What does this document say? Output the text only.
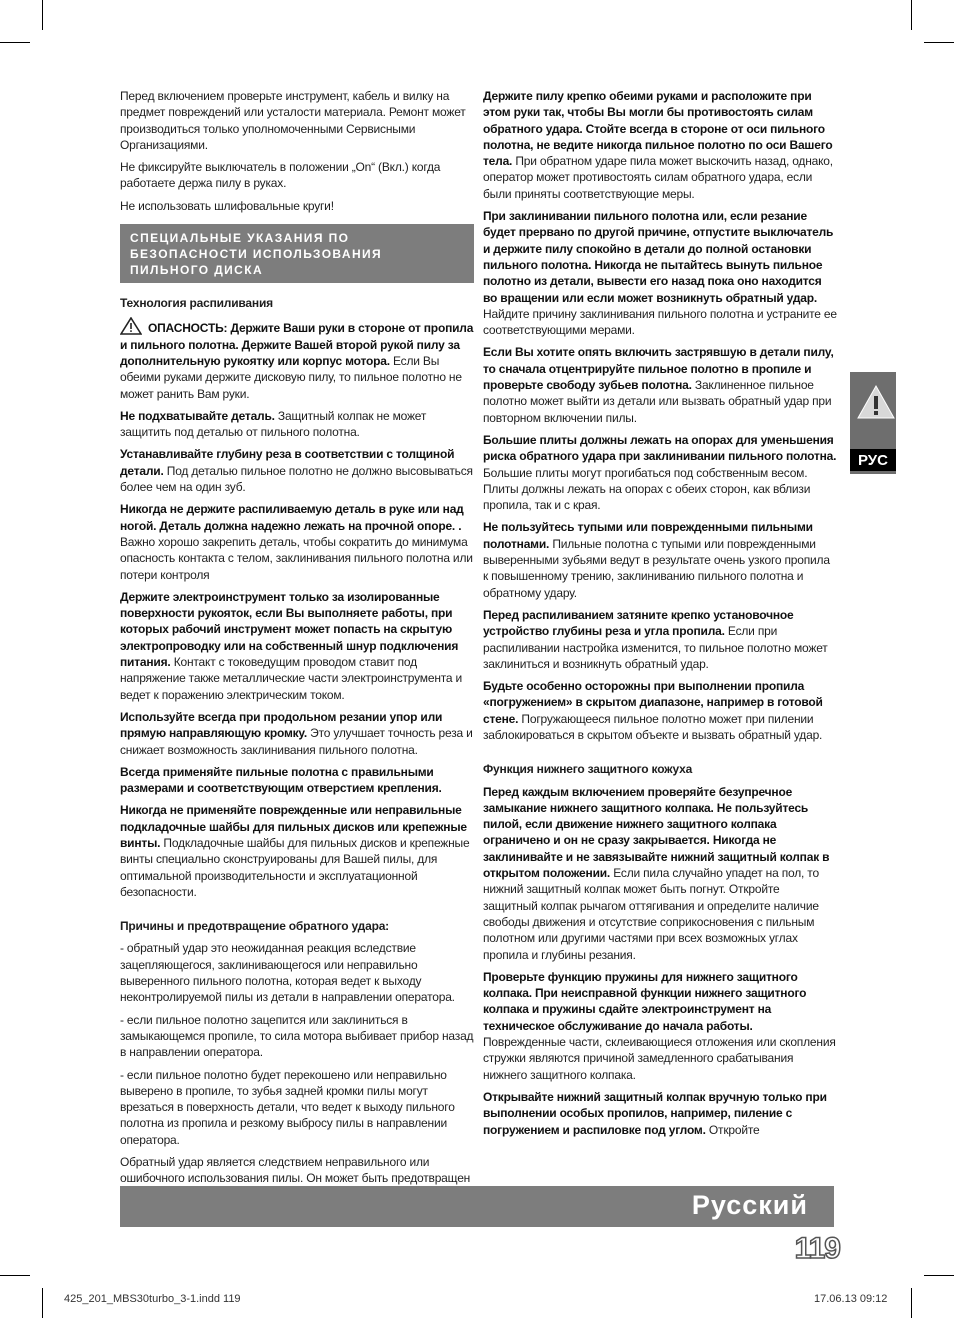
Перед включением проверьте инструмент, кабель и вилку на предмет повреждений или усталости материала. Ремонт может производиться только уполномоченными Сервисными Организациями.

Не фиксируйте выключатель в положении „On“ (Вкл.) когда работаете держа пилу в руках.

Не использовать шлифовальные круги!

СПЕЦИАЛЬНЫЕ УКАЗАНИЯ ПО БЕЗОПАСНОСТИ ИСПОЛЬЗОВАНИЯ ПИЛЬНОГО ДИСКА

Технология распиливания

ОПАСНОСТЬ: Держите Ваши руки в стороне от пропила и пильного полотна. Держите Вашей второй рукой пилу за дополнительную рукоятку или корпус мотора. Если Вы обеими руками держите дисковую пилу, то пильное полотно не может ранить Вам руки.

Не подхватывайте деталь. Защитный колпак не может защитить под деталью от пильного полотна.

Устанавливайте глубину реза в соответствии с толщиной детали. Под деталью пильное полотно не должно высовываться более чем на один зуб.

Никогда не держите распиливаемую деталь в руке или над ногой. Деталь должна надежно лежать на прочной опоре. . Важно хорошо закрепить деталь, чтобы сократить до минимума опасность контакта с телом, заклинивания пильного полотна или потери контроля

Держите электроинструмент только за изолированные поверхности рукояток, если Вы выполняете работы, при которых рабочий инструмент может попасть на скрытую электропроводку или на собственный шнур подключения питания. Контакт с токоведущим проводом ставит под напряжение также металлические части электроинструмента и ведет к поражению электрическим током.

Используйте всегда при продольном резании упор или прямую направляющую кромку. Это улучшает точность реза и снижает возможность заклинивания пильного полотна.

Всегда применяйте пильные полотна с правильными размерами и соответствующим отверстием крепления.

Никогда не применяйте поврежденные или неправильные подкладочные шайбы для пильных дисков или крепежные винты. Подкладочные шайбы для пильных дисков и крепежные винты специально сконструированы для Вашей пилы, для оптимальной производительности и эксплуатационной безопасности.

Причины и предотвращение обратного удара:

- обратный удар это неожиданная реакция вследствие зацепляющегося, заклинивающегося или неправильно выверенного пильного полотна, которая ведет к выходу неконтролируемой пилы из детали в направлении оператора.

- если пильное полотно зацепится или заклиниться в замыкающемся пропиле, то сила мотора выбивает прибор назад в направлении оператора.

- если пильное полотно будет перекошено или неправильно выверено в пропиле, то зубья задней кромки пилы могут врезаться в поверхность детали, что ведет к выходу пильного полотна из пропила и резкому выбросу пилы в направлении оператора.

Обратный удар является следствием неправильного или ошибочного использования пилы. Он может быть предотвращен

Держите пилу крепко обеими руками и расположите при этом руки так, чтобы Вы могли бы противостоять силам обратного удара. Стойте всегда в стороне от оси пильного полотна, не ведите никогда пильное полотно по оси Вашего тела. При обратном ударе пила может выскочить назад, однако, оператор может противостоять силам обратного удара, если были приняты соответствующие меры.

При заклинивании пильного полотна или, если резание будет прервано по другой причине, отпустите выключатель и держите пилу спокойно в детали до полной остановки пильного полотна. Никогда не пытайтесь вынуть пильное полотно из детали, вывести его назад пока оно находится во вращении или если может возникнуть обратный удар. Найдите причину заклинивания пильного полотна и устраните ее соответствующими мерами.

Если Вы хотите опять включить застрявшую в детали пилу, то сначала отцентрируйте пильное полотно в пропиле и проверьте свободу зубьев полотна. Заклиненное пильное полотно может выйти из детали или вызвать обратный удар при повторном включении пилы.

Большие плиты должны лежать на опорах для уменьшения риска обратного удара при заклинивании пильного полотна. Большие плиты могут прогибаться под собственным весом. Плиты должны лежать на опорах с обеих сторон, как вблизи пропила, так и с края.

Не пользуйтесь тупыми или поврежденными пильными полотнами. Пильные полотна с тупыми или поврежденными выверенными зубьями ведут в результате очень узкого пропила к повышенному трению, заклиниванию пильного полотна и обратному удару.

Перед распиливанием затяните крепко установочное устройство глубины реза и угла пропила. Если при распиливании настройка изменится, то пильное полотно может заклиниться и возникнуть обратный удар.

Будьте особенно осторожны при выполнении пропила «погружением» в скрытом диапазоне, например в готовой стене. Погружающееся пильное полотно может при пилении заблокироваться в скрытом объекте и вызвать обратный удар.

Функция нижнего защитного кожуха

Перед каждым включением проверяйте безупречное замыкание нижнего защитного колпака. Не пользуйтесь пилой, если движение нижнего защитного колпака ограничено и он не сразу закрывается. Никогда не заклинивайте и не завязывайте нижний защитный колпак в открытом положении. Если пила случайно упадет на пол, то нижний защитный колпак может быть погнут. Откройте защитный колпак рычагом оттягивания и определите наличие свободы движения и отсутствие соприкосновения с пильным полотном или другими частями при всех возможных углах пропила и глубины резания.

Проверьте функцию пружины для нижнего защитного колпака. При неисправной функции нижнего защитного колпака и пружины сдайте электроинструмент на техническое обслуживание до начала работы. Поврежденные части, склеивающиеся отложения или скопления стружки являются причиной замедленного срабатывания нижнего защитного колпака.

Открывайте нижний защитный колпак вручную только при выполнении особых пропилов, например, пиление с погружением и распиловке под углом. Откройте

РУС
Русский
119
425_201_MBS30turbo_3-1.indd 119	17.06.13 09:12
